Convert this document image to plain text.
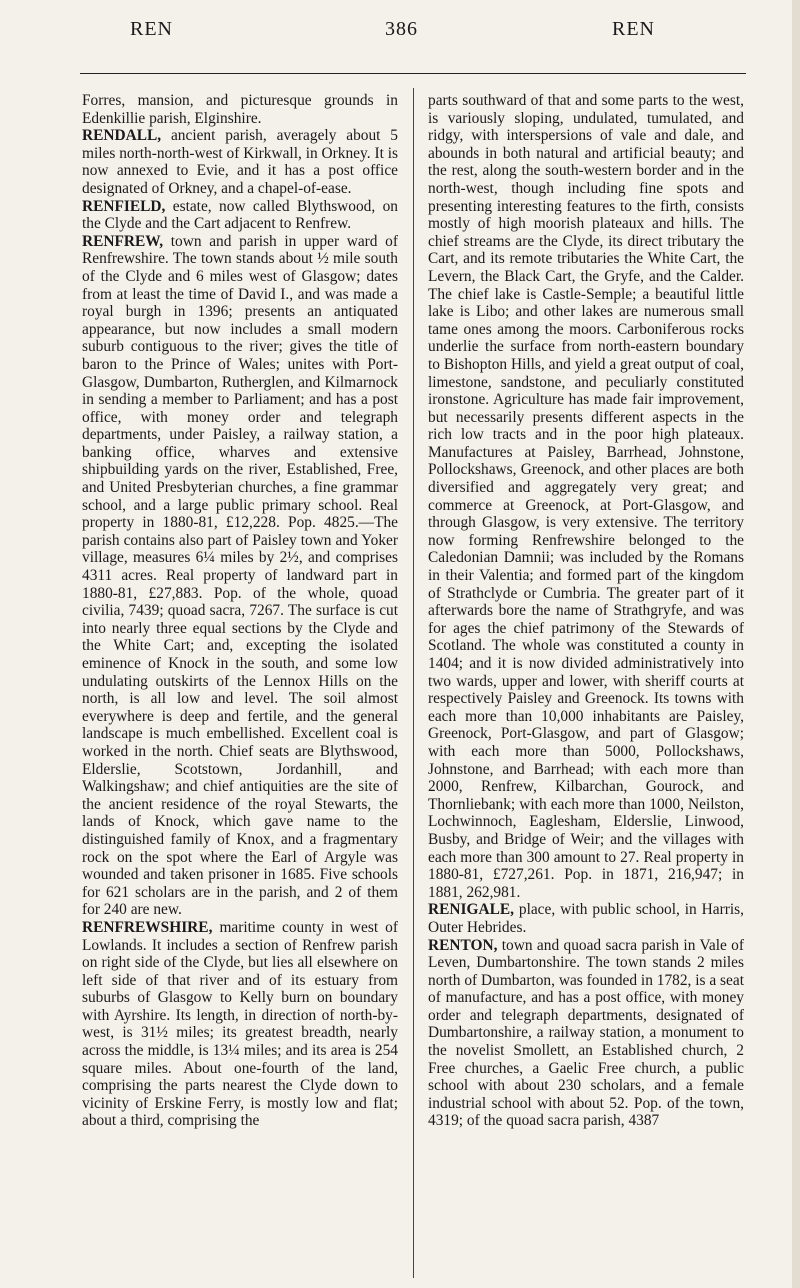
REN	386	REN

Forres, mansion, and picturesque grounds in Edenkillie parish, Elginshire.

RENDALL, ancient parish, averagely about 5 miles north-north-west of Kirkwall, in Orkney. It is now annexed to Evie, and it has a post office designated of Orkney, and a chapel-of-ease.

RENFIELD, estate, now called Blythswood, on the Clyde and the Cart adjacent to Renfrew.

RENFREW, town and parish in upper ward of Renfrewshire. The town stands about ½ mile south of the Clyde and 6 miles west of Glasgow; dates from at least the time of David I., and was made a royal burgh in 1396; presents an antiquated appearance, but now includes a small modern suburb contiguous to the river; gives the title of baron to the Prince of Wales; unites with Port-Glasgow, Dumbarton, Rutherglen, and Kilmarnock in sending a member to Parliament; and has a post office, with money order and telegraph departments, under Paisley, a railway station, a banking office, wharves and extensive shipbuilding yards on the river, Established, Free, and United Presbyterian churches, a fine grammar school, and a large public primary school. Real property in 1880-81, £12,228. Pop. 4825.—The parish contains also part of Paisley town and Yoker village, measures 6¼ miles by 2½, and comprises 4311 acres. Real property of landward part in 1880-81, £27,883. Pop. of the whole, quoad civilia, 7439; quoad sacra, 7267. The surface is cut into nearly three equal sections by the Clyde and the White Cart; and, excepting the isolated eminence of Knock in the south, and some low undulating outskirts of the Lennox Hills on the north, is all low and level. The soil almost everywhere is deep and fertile, and the general landscape is much embellished. Excellent coal is worked in the north. Chief seats are Blythswood, Elderslie, Scotstown, Jordanhill, and Walkingshaw; and chief antiquities are the site of the ancient residence of the royal Stewarts, the lands of Knock, which gave name to the distinguished family of Knox, and a fragmentary rock on the spot where the Earl of Argyle was wounded and taken prisoner in 1685. Five schools for 621 scholars are in the parish, and 2 of them for 240 are new.

RENFREWSHIRE, maritime county in west of Lowlands. It includes a section of Renfrew parish on right side of the Clyde, but lies all elsewhere on left side of that river and of its estuary from suburbs of Glasgow to Kelly burn on boundary with Ayrshire. Its length, in direction of north-by-west, is 31½ miles; its greatest breadth, nearly across the middle, is 13¼ miles; and its area is 254 square miles. About one-fourth of the land, comprising the parts nearest the Clyde down to vicinity of Erskine Ferry, is mostly low and flat; about a third, comprising the

parts southward of that and some parts to the west, is variously sloping, undulated, tumulated, and ridgy, with interspersions of vale and dale, and abounds in both natural and artificial beauty; and the rest, along the south-western border and in the north-west, though including fine spots and presenting interesting features to the firth, consists mostly of high moorish plateaux and hills. The chief streams are the Clyde, its direct tributary the Cart, and its remote tributaries the White Cart, the Levern, the Black Cart, the Gryfe, and the Calder. The chief lake is Castle-Semple; a beautiful little lake is Libo; and other lakes are numerous small tame ones among the moors. Carboniferous rocks underlie the surface from north-eastern boundary to Bishopton Hills, and yield a great output of coal, limestone, sandstone, and peculiarly constituted ironstone. Agriculture has made fair improvement, but necessarily presents different aspects in the rich low tracts and in the poor high plateaux. Manufactures at Paisley, Barrhead, Johnstone, Pollockshaws, Greenock, and other places are both diversified and aggregately very great; and commerce at Greenock, at Port-Glasgow, and through Glasgow, is very extensive. The territory now forming Renfrewshire belonged to the Caledonian Damnii; was included by the Romans in their Valentia; and formed part of the kingdom of Strathclyde or Cumbria. The greater part of it afterwards bore the name of Strathgryfe, and was for ages the chief patrimony of the Stewards of Scotland. The whole was constituted a county in 1404; and it is now divided administratively into two wards, upper and lower, with sheriff courts at respectively Paisley and Greenock. Its towns with each more than 10,000 inhabitants are Paisley, Greenock, Port-Glasgow, and part of Glasgow; with each more than 5000, Pollockshaws, Johnstone, and Barrhead; with each more than 2000, Renfrew, Kilbarchan, Gourock, and Thornliebank; with each more than 1000, Neilston, Lochwinnoch, Eaglesham, Elderslie, Linwood, Busby, and Bridge of Weir; and the villages with each more than 300 amount to 27. Real property in 1880-81, £727,261. Pop. in 1871, 216,947; in 1881, 262,981.

RENIGALE, place, with public school, in Harris, Outer Hebrides.

RENTON, town and quoad sacra parish in Vale of Leven, Dumbartonshire. The town stands 2 miles north of Dumbarton, was founded in 1782, is a seat of manufacture, and has a post office, with money order and telegraph departments, designated of Dumbartonshire, a railway station, a monument to the novelist Smollett, an Established church, 2 Free churches, a Gaelic Free church, a public school with about 230 scholars, and a female industrial school with about 52. Pop. of the town, 4319; of the quoad sacra parish, 4387
